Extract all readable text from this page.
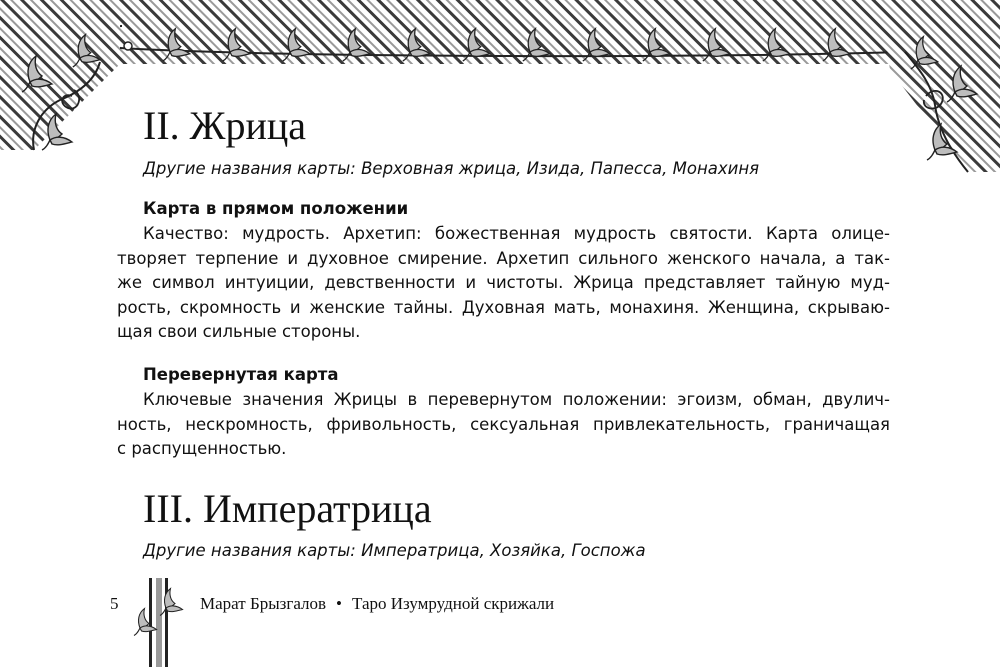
II. Жрица

Другие названия карты: Верховная жрица, Изида, Папесса, Монахиня

Карта в прямом положении

Качество: мудрость. Архетип: божественная мудрость святости. Карта олице-
творяет терпение и духовное смирение. Архетип сильного женского начала, а так-
же символ интуиции, девственности и чистоты. Жрица представляет тайную муд-
рость, скромность и женские тайны. Духовная мать, монахиня. Женщина, скрываю-
щая свои сильные стороны.

Перевернутая карта

Ключевые значения Жрицы в перевернутом положении: эгоизм, обман, двулич-
ность, нескромность, фривольность, сексуальная привлекательность, граничащая
с распущенностью.
III. Императрица

Другие названия карты: Императрица, Хозяйка, Госпожа

5	Марат Брызгалов • Таро Изумрудной скрижали
